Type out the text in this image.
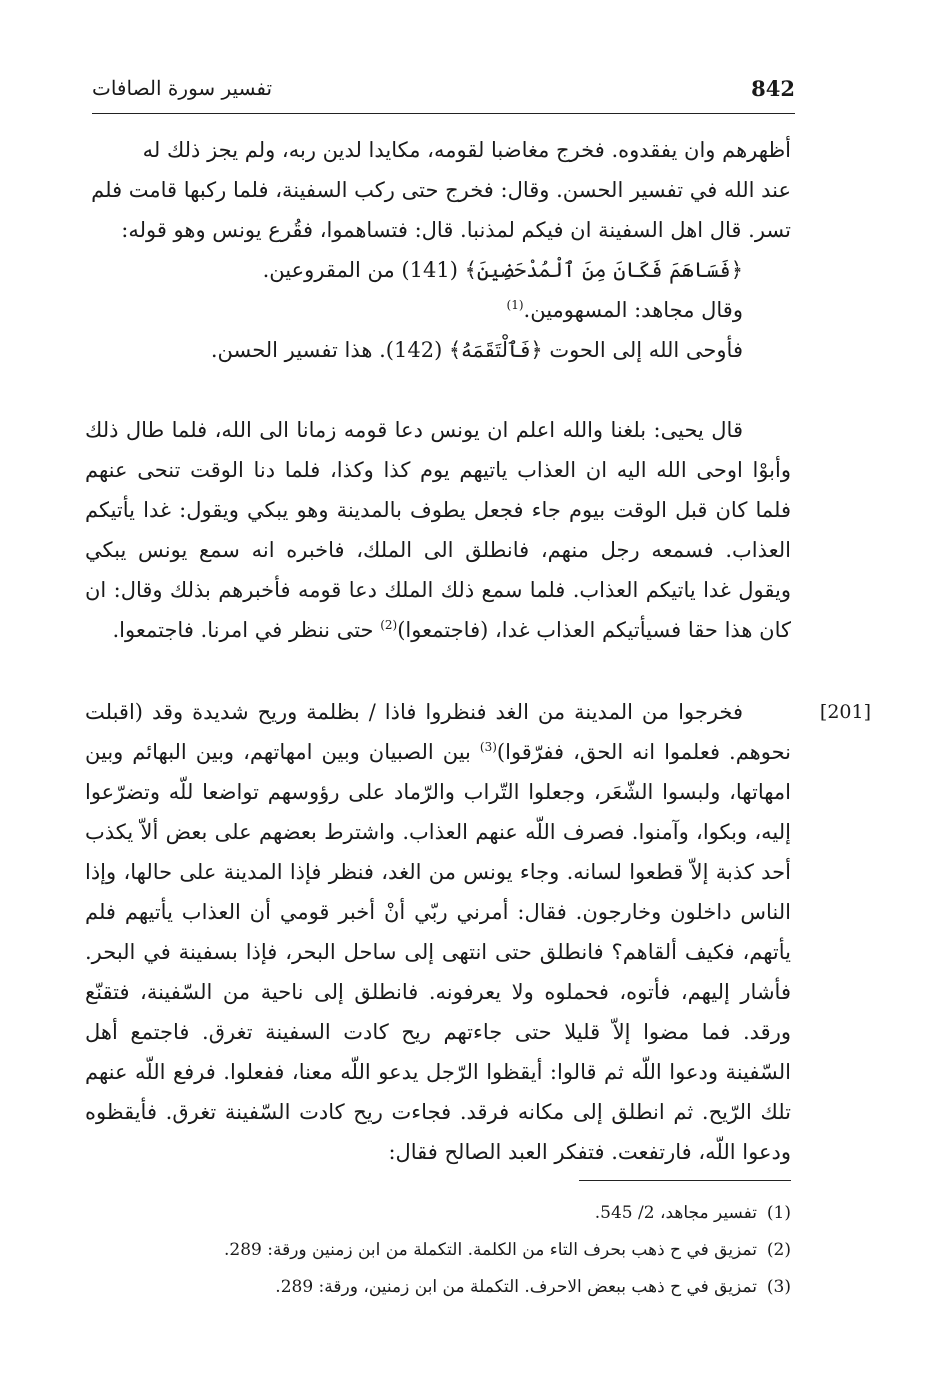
842
تفسير سورة الصافات
أظهرهم وان يفقدوه. فخرج مغاضبا لقومه، مكايدا لدين ربه، ولم يجز ذلك له
عند الله في تفسير الحسن. وقال: فخرج حتى ركب السفينة، فلما ركبها قامت فلم
تسر. قال اهل السفينة ان فيكم لمذنبا. قال: فتساهموا، فقُرع يونس وهو قوله:
﴿فَسَاهَمَ فَكَانَ مِنَ ٱلْمُدْحَضِينَ﴾ (141) من المقروعين.
وقال مجاهد: المسهومين.$^{(1)}$
فأوحى الله إلى الحوت ﴿فَٱلْتَقَمَهُ﴾ (142). هذا تفسير الحسن.
قال يحيى: بلغنا والله اعلم ان يونس دعا قومه زمانا الى الله، فلما طال ذلك وأبوْا اوحى الله اليه ان العذاب ياتيهم يوم كذا وكذا، فلما دنا الوقت تنحى عنهم فلما كان قبل الوقت بيوم جاء فجعل يطوف بالمدينة وهو يبكي ويقول: غدا يأتيكم العذاب. فسمعه رجل منهم، فانطلق الى الملك، فاخبره انه سمع يونس يبكي ويقول غدا ياتيكم العذاب. فلما سمع ذلك الملك دعا قومه فأخبرهم بذلك وقال: ان كان هذا حقا فسيأتيكم العذاب غدا، (فاجتمعوا)$^{(2)}$ حتى ننظر في امرنا. فاجتمعوا.
[201]
فخرجوا من المدينة من الغد فنظروا فاذا / بظلمة وريح شديدة وقد (اقبلت نحوهم. فعلموا انه الحق، ففرّقوا)$^{(3)}$ بين الصبيان وبين امهاتهم، وبين البهائم وبين امهاتها، ولبسوا الشّعَر، وجعلوا التّراب والرّماد على رؤوسهم تواضعا للّه وتضرّعوا إليه، وبكوا، وآمنوا. فصرف اللّه عنهم العذاب. واشترط بعضهم على بعض ألاّ يكذب أحد كذبة إلاّ قطعوا لسانه. وجاء يونس من الغد، فنظر فإذا المدينة على حالها، وإذا الناس داخلون وخارجون. فقال: أمرني ربّي أنْ أخبر قومي أن العذاب يأتيهم فلم يأتهم، فكيف ألقاهم؟ فانطلق حتى انتهى إلى ساحل البحر، فإذا بسفينة في البحر. فأشار إليهم، فأتوه، فحملوه ولا يعرفونه. فانطلق إلى ناحية من السّفينة، فتقنّع ورقد. فما مضوا إلاّ قليلا حتى جاءتهم ريح كادت السفينة تغرق. فاجتمع أهل السّفينة ودعوا اللّه ثم قالوا: أيقظوا الرّجل يدعو اللّه معنا، ففعلوا. فرفع اللّه عنهم تلك الرّيح. ثم انطلق إلى مكانه فرقد. فجاءت ريح كادت السّفينة تغرق. فأيقظوه ودعوا اللّه، فارتفعت. فتفكر العبد الصالح فقال:
(1)تفسير مجاهد، 2/ 545.
(2)تمزيق في ح ذهب بحرف التاء من الكلمة. التكملة من ابن زمنين ورقة: 289.
(3)تمزيق في ح ذهب ببعض الاحرف. التكملة من ابن زمنين، ورقة: 289.
